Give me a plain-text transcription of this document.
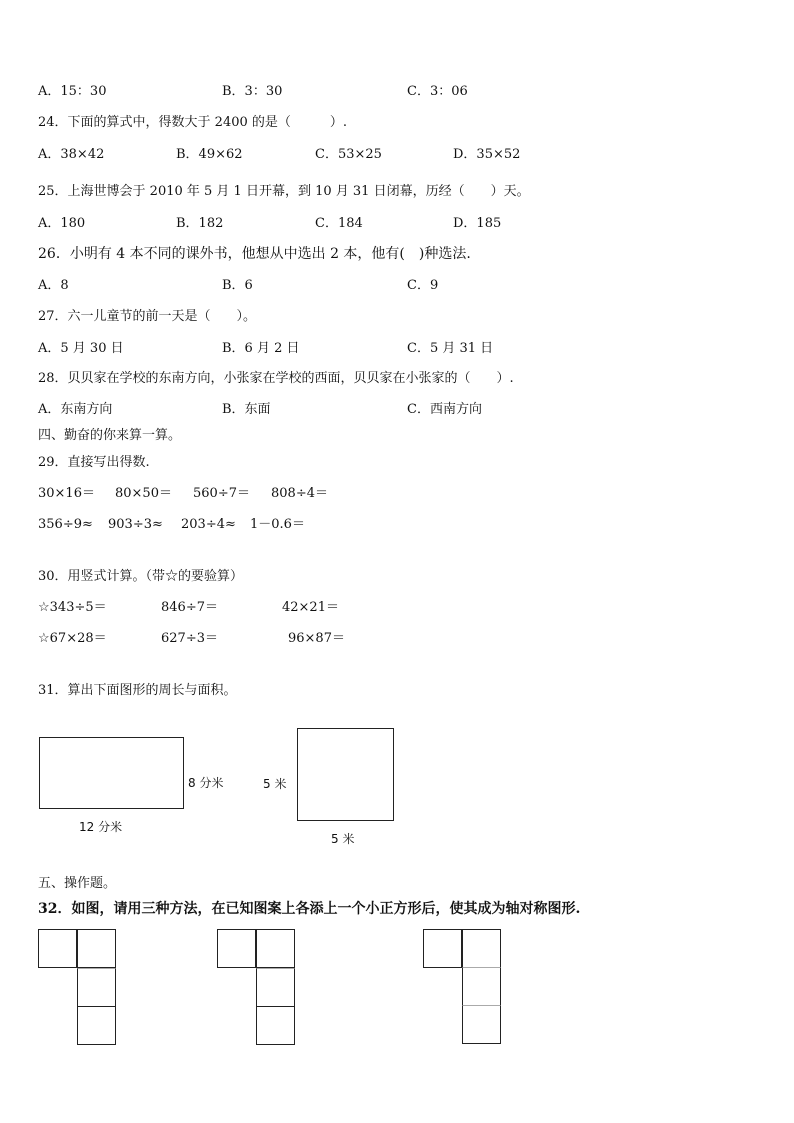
A．15：30	B．3：30	C．3：06
24．下面的算式中，得数大于 2400 的是（　　　）.
A．38×42	B．49×62	C．53×25	D．35×52
25．上海世博会于 2010 年 5 月 1 日开幕，到 10 月 31 日闭幕，历经（　　）天。
A．180	B．182	C．184	D．185
26．小明有 4 本不同的课外书，他想从中选出 2 本，他有(　)种选法.
A．8	B．6	C．9
27．六一儿童节的前一天是（　　）。
A．5 月 30 日	B．6 月 2 日	C．5 月 31 日
28．贝贝家在学校的东南方向，小张家在学校的西面，贝贝家在小张家的（　　）.
A．东南方向	B．东面	C．西南方向
四、勤奋的你来算一算。
29．直接写出得数.
30×16＝ 80×50＝ 560÷7＝ 808÷4＝
356÷9≈ 903÷3≈ 203÷4≈ 1－0.6＝
30．用竖式计算。（带☆的要验算）
☆343÷5＝	846÷7＝	42×21＝
☆67×28＝	627÷3＝	96×87＝
31．算出下面图形的周长与面积。
8 分米
12 分米
5 米
5 米
五、操作题。
32．如图，请用三种方法，在已知图案上各添上一个小正方形后，使其成为轴对称图形.
